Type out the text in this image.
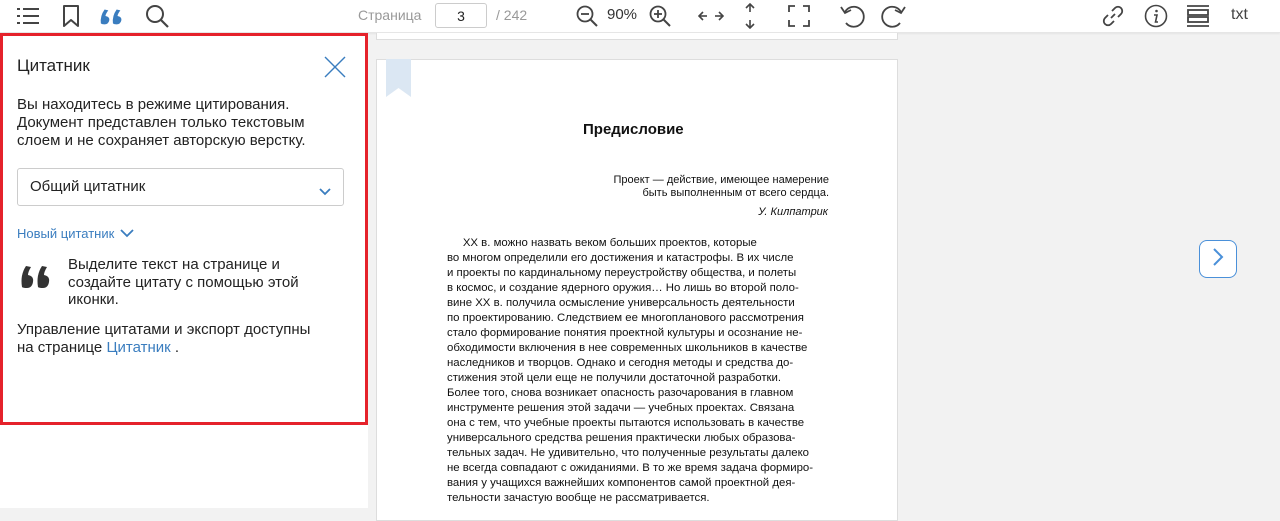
Страница
3	/ 242	90%	txt
Цитатник
Вы находитесь в режиме цитирования.
Документ представлен только текстовым
слоем и не сохраняет авторскую верстку.
Общий цитатник
Новый цитатник
Выделите текст на странице и
создайте цитату с помощью этой
иконки.
Управление цитатами и экспорт доступны
на странице Цитатник .
Предисловие
Проект — действие, имеющее намерение
быть выполненным от всего сердца.
У. Килпатрик
XX в. можно назвать веком больших проектов, которые
во многом определили его достижения и катастрофы. В их числе
и проекты по кардинальному переустройству общества, и полеты
в космос, и создание ядерного оружия… Но лишь во второй поло-
вине XX в. получила осмысление универсальность деятельности
по проектированию. Следствием ее многопланового рассмотрения
стало формирование понятия проектной культуры и осознание не-
обходимости включения в нее современных школьников в качестве
наследников и творцов. Однако и сегодня методы и средства до-
стижения этой цели еще не получили достаточной разработки.
Более того, снова возникает опасность разочарования в главном
инструменте решения этой задачи — учебных проектах. Связана
она с тем, что учебные проекты пытаются использовать в качестве
универсального средства решения практически любых образова-
тельных задач. Не удивительно, что полученные результаты далеко
не всегда совпадают с ожиданиями. В то же время задача формиро-
вания у учащихся важнейших компонентов самой проектной дея-
тельности зачастую вообще не рассматривается.
